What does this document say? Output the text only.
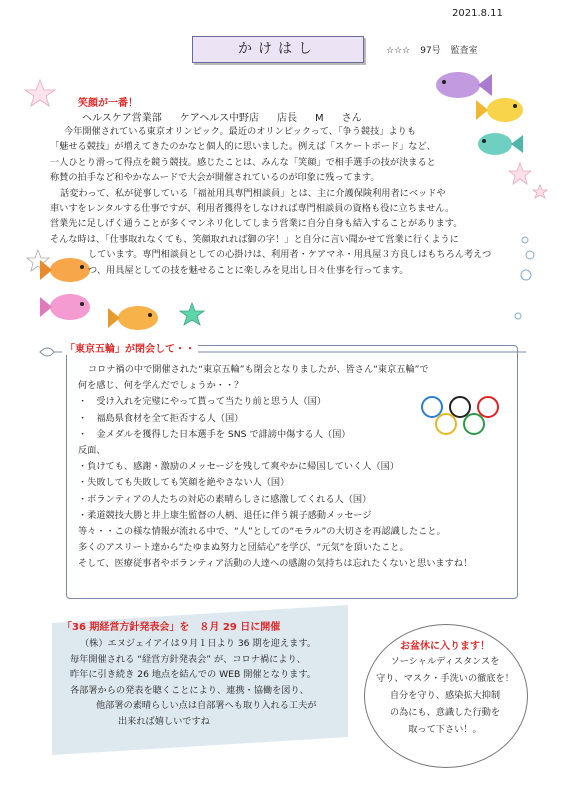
2021.8.11
かけはし	☆☆☆ 97号 監査室
笑顔が一番！
ヘルスケア営業部 ケアヘルス中野店 店長 M さん
今年開催されている東京オリンピック。最近のオリンピックって、「争う競技」よりも
「魅せる競技」が増えてきたのかなと個人的に思いました。例えば「スケートボード」など、
一人ひとり滑って得点を競う競技。感じたことは、みんな「笑顔」で相手選手の技が決まると
称賛の拍手など和やかなムードで大会が開催されているのが印象に残ってます。
話変わって、私が従事している「福祉用具専門相談員」とは、主に介護保険利用者にベッドや
車いすをレンタルする仕事ですが、利用者獲得をしなければ専門相談員の資格も役に立ちません。
営業先に足しげく通うことが多くマンネリ化してしまう営業に自分自身も結入することがあります。
そんな時は、「仕事取れなくても、笑顔取れれば御の字！」と自分に言い聞かせて営業に行くように
しています。専門相談員としての心掛けは、利用者・ケアマネ・用具屋３方良しはもちろん考えつ
つ、用具屋としての技を魅せることに楽しみを見出し日々仕事を行ってます。
「東京五輪」が閉会して・・
コロナ禍の中で開催された“東京五輪”も閉会となりましたが、皆さん“東京五輪”で
何を感じ、何を学んだでしょうか・・？
・　受け入れを完璧にやって貰って当たり前と思う人（国）
・　福島県食材を全て拒否する人（国）
・　金メダルを獲得した日本選手を SNS で誹謗中傷する人（国）
反面、
・負けても、感謝・激励のメッセージを残して爽やかに帰国していく人（国）
・失敗しても失敗しても笑顔を絶やさない人（国）
・ボランティアの人たちの対応の素晴らしさに感激してくれる人（国）
・柔道競技大勝と井上康生監督の人柄、退任に伴う親子感動メッセージ
等々・・この様な情報が流れる中で、“人”としての“モラル”の大切さを再認識したこと。
多くのアスリート達から“たゆまぬ努力と団結心”を学び、“元気”を頂いたこと。
そして、医療従事者やボランティア活動の人達への感謝の気持ちは忘れたくないと思いますね！
「36 期経営方針発表会」を　８月 29 日に開催
（株）エヌジェイアイは９月１日より 36 期を迎えます。
毎年開催される “経営方針発表会” が、コロナ禍により、
昨年に引き続き 26 地点を結んでの WEB 開催となります。
各部署からの発表を聴くことにより、連携・協働を図り、
他部署の素晴らしい点は自部署へも取り入れる工夫が
出来れば嬉しいですね
お盆休に入ります！
ソーシャルディスタンスを
守り、マスク・手洗いの徹底を！
自分を守り、感染拡大抑制
の為にも、意識した行動を
取って下さい！。
